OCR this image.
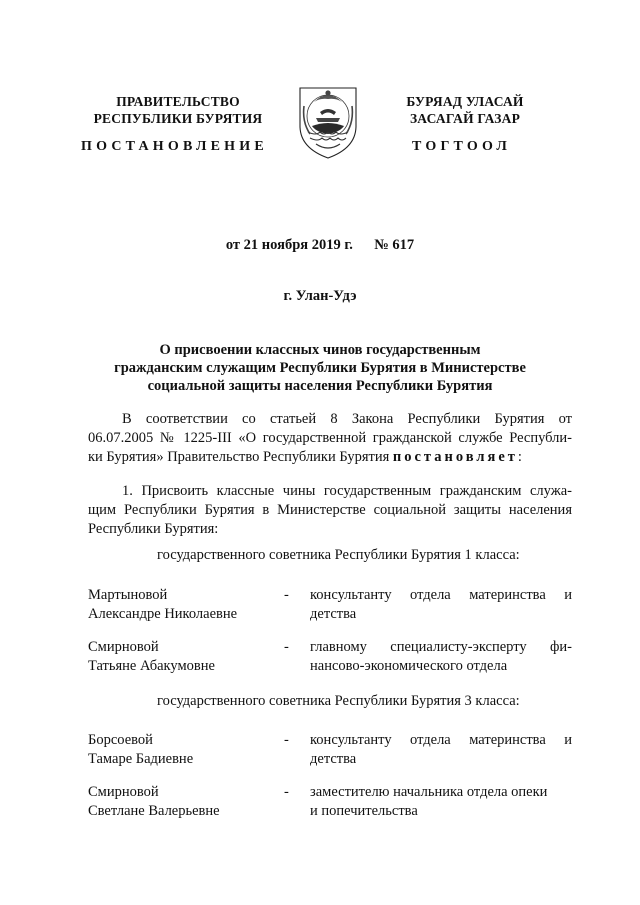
ПРАВИТЕЛЬСТВО
РЕСПУБЛИКИ БУРЯТИЯ
БУРЯАД УЛАСАЙ
ЗАСАГАЙ ГАЗАР
ПОСТАНОВЛЕНИЕ	ТОГТООЛ
от 21 ноября 2019 г. № 617
г. Улан-Удэ
О присвоении классных чинов государственным
гражданским служащим Республики Бурятия в Министерстве
социальной защиты населения Республики Бурятия
В соответствии со статьей 8 Закона Республики Бурятия от
06.07.2005 № 1225-III «О государственной гражданской службе Республи-
ки Бурятия» Правительство Республики Бурятия постановляет:
1. Присвоить классные чины государственным гражданским служа-
щим Республики Бурятия в Министерстве социальной защиты населения
Республики Бурятия:
государственного советника Республики Бурятия 1 класса:
Мартыновой
Александре Николаевне
-	консультанту отдела материнства и
детства
Смирновой
Татьяне Абакумовне
-	главному специалисту-эксперту фи-
нансово-экономического отдела
государственного советника Республики Бурятия 3 класса:
Борсоевой
Тамаре Бадиевне
-	консультанту отдела материнства и
детства
Смирновой
Светлане Валерьевне
-	заместителю начальника отдела опеки
и попечительства
